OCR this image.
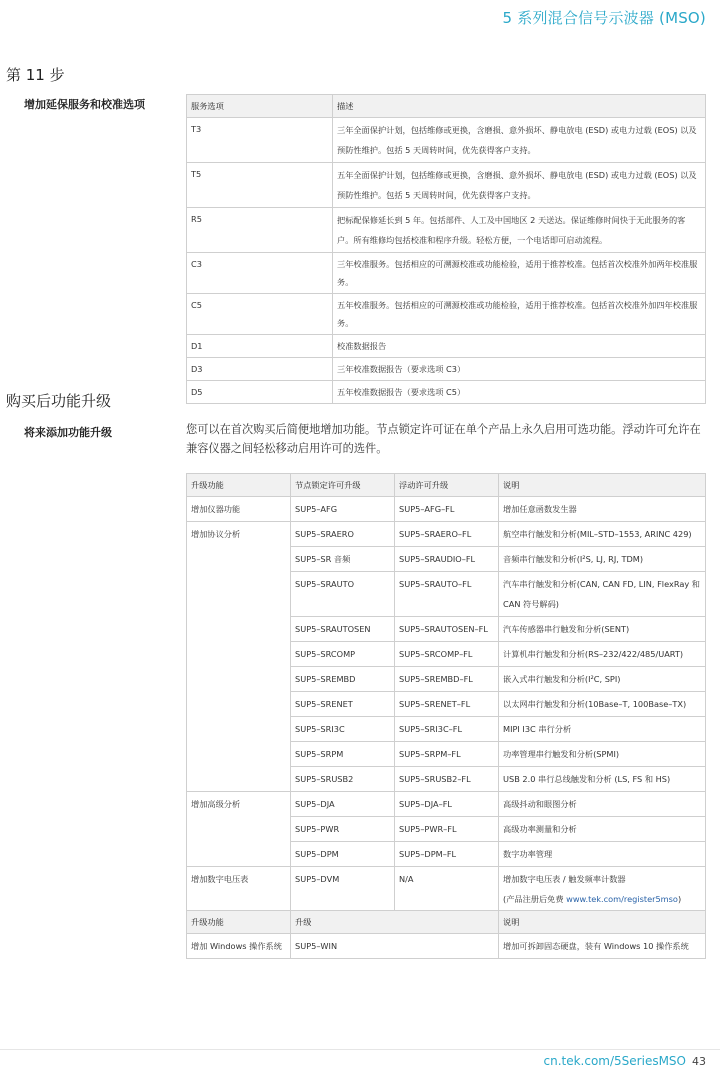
5 系列混合信号示波器 (MSO)
第 11 步
增加延保服务和校准选项	服务选项	描述
T3	三年全面保护计划，包括维修或更换，含磨损、意外损坏、静电放电 (ESD) 或电力过载 (EOS) 以及预防性维护。包括 5 天周转时间，优先获得客户支持。
T5	五年全面保护计划，包括维修或更换，含磨损、意外损坏、静电放电 (ESD) 或电力过载 (EOS) 以及预防性维护。包括 5 天周转时间，优先获得客户支持。
R5	把标配保修延长到 5 年。包括部件、人工及中国地区 2 天送达。保证维修时间快于无此服务的客户。所有维修均包括校准和程序升级。轻松方便，一个电话即可启动流程。
C3	三年校准服务。包括相应的可溯源校准或功能检验，适用于推荐校准。包括首次校准外加两年校准服务。
C5	五年校准服务。包括相应的可溯源校准或功能检验，适用于推荐校准。包括首次校准外加四年校准服务。
D1	校准数据报告
D3	三年校准数据报告（要求选项 C3）
D5	五年校准数据报告（要求选项 C5）
购买后功能升级
将来添加功能升级	您可以在首次购买后简便地增加功能。节点锁定许可证在单个产品上永久启用可选功能。浮动许可允许在兼容仪器之间轻松移动启用许可的选件。
升级功能	节点锁定许可升级	浮动许可升级	说明
增加仪器功能	SUP5–AFG	SUP5–AFG–FL	增加任意函数发生器
增加协议分析	SUP5–SRAERO	SUP5–SRAERO–FL	航空串行触发和分析(MIL–STD–1553, ARINC 429)
	SUP5–SR 音频	SUP5–SRAUDIO–FL	音频串行触发和分析(I²S, LJ, RJ, TDM)
	SUP5–SRAUTO	SUP5–SRAUTO–FL	汽车串行触发和分析(CAN, CAN FD, LIN, FlexRay 和 CAN 符号解码)
	SUP5–SRAUTOSEN	SUP5–SRAUTOSEN–FL	汽车传感器串行触发和分析(SENT)
	SUP5–SRCOMP	SUP5–SRCOMP–FL	计算机串行触发和分析(RS–232/422/485/UART)
	SUP5–SREMBD	SUP5–SREMBD–FL	嵌入式串行触发和分析(I²C, SPI)
	SUP5–SRENET	SUP5–SRENET–FL	以太网串行触发和分析(10Base–T, 100Base–TX)
	SUP5–SRI3C	SUP5–SRI3C–FL	MIPI I3C 串行分析
	SUP5–SRPM	SUP5–SRPM–FL	功率管理串行触发和分析(SPMI)
	SUP5–SRUSB2	SUP5–SRUSB2–FL	USB 2.0 串行总线触发和分析 (LS, FS 和 HS)
增加高级分析	SUP5–DJA	SUP5–DJA–FL	高级抖动和眼图分析
	SUP5–PWR	SUP5–PWR–FL	高级功率测量和分析
	SUP5–DPM	SUP5–DPM–FL	数字功率管理
增加数字电压表	SUP5–DVM	N/A	增加数字电压表 / 触发频率计数器
(产品注册后免费 www.tek.com/register5mso)
升级功能	升级	说明
增加 Windows 操作系统	SUP5–WIN	增加可拆卸固态硬盘，装有 Windows 10 操作系统
cn.tek.com/5SeriesMSO 43
